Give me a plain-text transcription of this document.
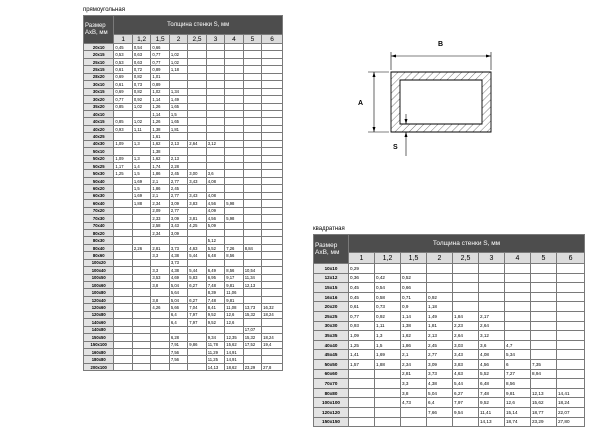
прямоугольная
Размер
AxB, мм	Толщина стенки S, мм								
	1	1,2	1,5	2	2,5	3	4	5	6
20х10	0,45	0,54	0,66						
20х15	0,53	0,63	0,77	1,02					
25х10	0,53	0,63	0,77	1,02					
25х15	0,61	0,72	0,89	1,18					
28х20	0,69	0,82	1,01						
30х10	0,61	0,73	0,89						
30х15	0,69	0,82	1,02	1,34					
30х20	0,77	0,92	1,14	1,49					
35х20	0,85	1,02	1,26	1,65					
40х10			1,14	1,5					
40х15	0,85	1,02	1,26	1,65					
40х20	0,93	1,11	1,38	1,81					
40х25			1,61						
40х30	1,09	1,3	1,62	2,13	2,64	3,12			
50х10			1,38						
50х20	1,09	1,3	1,62	2,13					
50х25	1,17	1,4	1,74	2,28					
50х30	1,25	1,5	1,86	2,45	3,00	3,6			
50х40		1,69	2,1	2,77	3,43	4,08			
60х20		1,5	1,86	2,45					
60х30		1,69	2,1	2,77	3,43	4,08			
60х40		1,88	2,34	3,09	3,83	4,56	5,98		
70х20			2,09	2,77		4,09			
70х30			2,33	3,09	3,81	4,56	5,98		
70х40			2,58	3,43	4,25	5,09			
80х20			2,34	3,09					
80х30						5,12			
80х40		2,26	2,81	3,73	4,63	5,52	7,26	8,84	
80х60			3,3	4,38	5,44	6,48	8,56		
100х20				3,73					
100х40			3,3	4,38	5,44	6,49	8,56	10,54	
100х50			3,53	4,69	5,83	6,95	9,17	11,34	
100х60			3,8	5,04	6,27	7,48	9,81	12,13	
100х80				5,64		8,39	11,06		
120х40			3,8	5,04	6,27	7,48	9,81		
120х60			4,26	5,66	7,04	8,41	11,08	13,73	16,32
120х80				6,4	7,97	9,52	12,6	15,32	18,24
140х60				6,4	7,97	9,52	12,6		
140х80								17,07	
150х50				6,28		9,34	12,35	15,32	18,24
150х100				7,91	9,86	11,78	15,62	17,52	19,4
160х80				7,56		11,29	14,91		
180х80				7,56		11,25	14,91		
200х100						14,13	18,62	23,29	27,8
B
A
S
квадратная
Размер
AxB, мм	Толщина стенки S, мм								
	1	1,2	1,5	2	2,5	3	4	5	6
10х10	0,29								
12х12	0,36	0,42	0,52						
15х15	0,45	0,54	0,66						
16х16	0,45	0,58	0,71	0,92					
20х20	0,61	0,73	0,9	1,18					
25х25	0,77	0,92	1,14	1,49	1,84	2,17			
30х30	0,93	1,11	1,38	1,81	2,23	2,64			
35х35	1,09	1,3	1,62	2,13	2,64	3,12			
40х40	1,25	1,5	1,86	2,45	3,03	3,6	4,7		
45х45	1,41	1,69	2,1	2,77	3,43	4,08	5,34		
50х50	1,57	1,88	2,34	3,09	3,83	4,56	6	7,35	
60х60			2,81	3,73	4,63	5,52	7,27	8,94	
70х70			3,3	4,38	5,44	6,48	8,56		
80х80			3,8	5,04	6,27	7,48	9,81	12,13	14,41
100х100			4,73	6,4	7,97	9,52	12,6	15,62	18,24
120х120				7,66	9,54	11,41	15,14	18,77	22,07
150х150						14,13	18,74	23,29	27,80
